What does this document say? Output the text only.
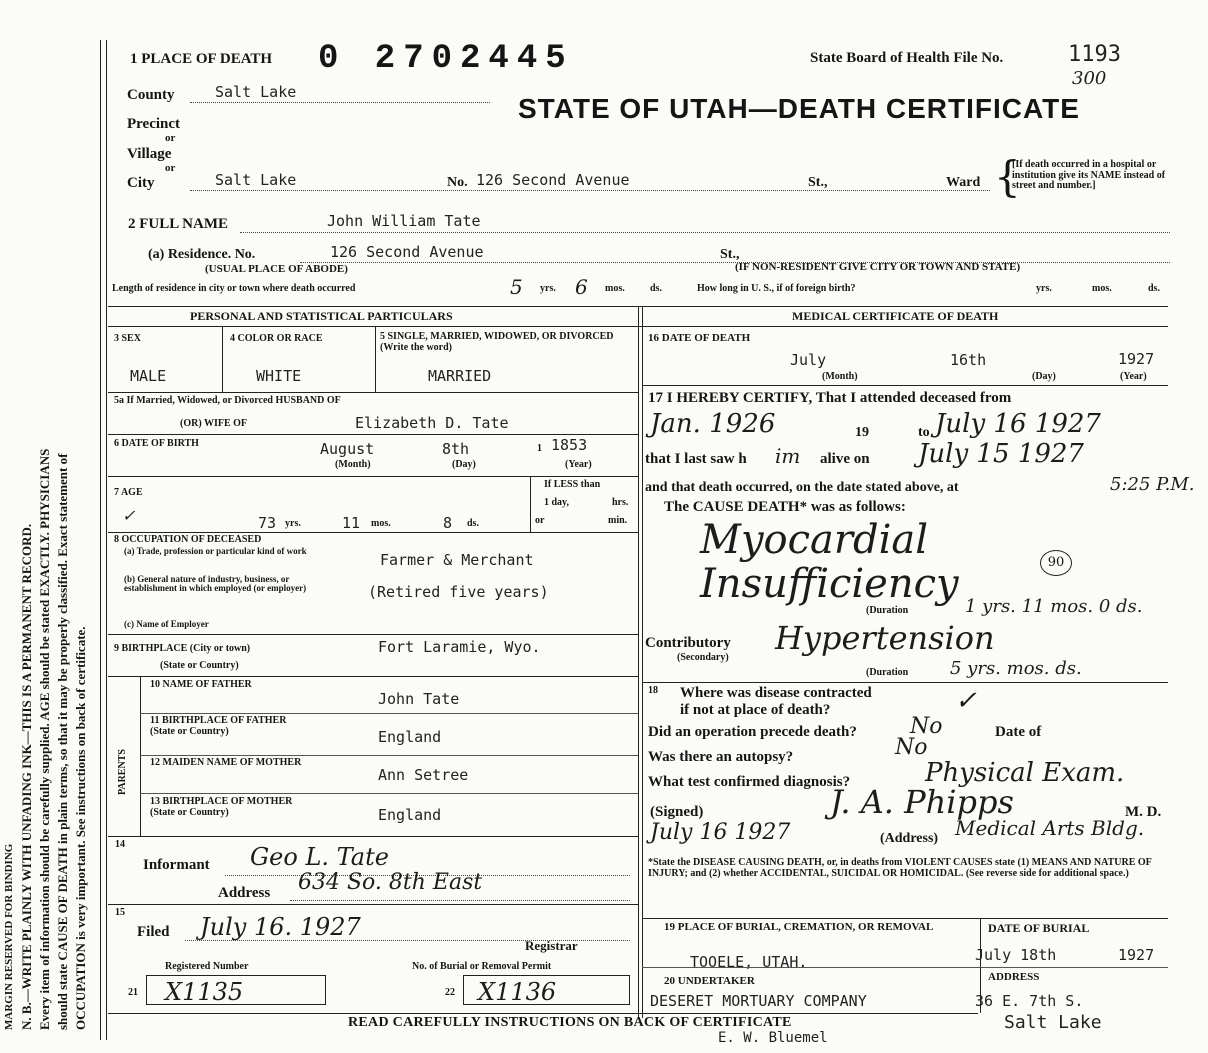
MARGIN RESERVED FOR BINDING N. B.—WRITE PLAINLY WITH UNFADING INK—THIS IS A PERMANENT RECORD. Every item of information should be carefully supplied. AGE should be stated EXACTLY. PHYSICIANS should state CAUSE OF DEATH in plain terms, so that it may be properly classified. Exact statement of OCCUPATION is very important. See instructions on back of certificate.
1 PLACE OF DEATH 0 2702445	State Board of Health File No.	1193
300
STATE OF UTAH—DEATH CERTIFICATE
County	Salt Lake
Precinct
or
Village
or
City	Salt Lake	No. 126 Second Avenue	St.,	Ward {
[If death occurred in a hospital or institution give its NAME instead of street and number.]
2 FULL NAME	John William Tate
(a) Residence. No.	126 Second Avenue	St.,
(USUAL PLACE OF ABODE)	(IF NON-RESIDENT GIVE CITY OR TOWN AND STATE)
Length of residence in city or town where death occurred	5 yrs. 6 mos.	ds.	How long in U. S., if of foreign birth?	yrs.	mos.	ds.
PERSONAL AND STATISTICAL PARTICULARS	MEDICAL CERTIFICATE OF DEATH
3 SEX
MALE
4 COLOR OR RACE
WHITE
5 SINGLE, MARRIED, WIDOWED, OR DIVORCED (Write the word)
MARRIED
5a If Married, Widowed, or Divorced HUSBAND OF
(OR) WIFE OF	Elizabeth D. Tate
6 DATE OF BIRTH	August	8th	1853
1
(Month)	(Day)	(Year)
7 AGE
✓	73 yrs.	11 mos.	8 ds.
If LESS than
1 day,	hrs.
or	min.
8 OCCUPATION OF DECEASED
(a) Trade, profession or particular kind of work	Farmer & Merchant
(b) General nature of industry, business, or establishment in which employed (or employer)	(Retired five years)
(c) Name of Employer
9 BIRTHPLACE (City or town)
(State or Country)
Fort Laramie, Wyo.
PARENTS
10 NAME OF FATHER
John Tate
11 BIRTHPLACE OF FATHER (State or Country)	England
12 MAIDEN NAME OF MOTHER
Ann Setree
13 BIRTHPLACE OF MOTHER (State or Country)	England
14
Informant Geo L. Tate
Address 634 So. 8th East
15
Filed July 16. 1927
Registrar
Registered Number	No. of Burial or Removal Permit
21 X1135	22 X1136
16 DATE OF DEATH
July	16th	1927
(Month)	(Day)	(Year)
17 I HEREBY CERTIFY, That I attended deceased from
Jan. 1926	19	to July 16 1927
that I last saw h im alive on July 15 1927
and that death occurred, on the date stated above, at	5:25 P.M.
The CAUSE DEATH* was as follows:
Myocardial Insufficiency	90
(Duration	1 yrs. 11 mos. 0 ds.
Contributory
(Secondary)
Hypertension
(Duration 5 yrs. mos. ds.
18 Where was disease contracted
if not at place of death?	✓
Did an operation precede death? No	Date of
Was there an autopsy?	No
What test confirmed diagnosis?	Physical Exam.
(Signed)	J. A. Phipps	M. D.
July 16 1927	(Address) Medical Arts Bldg.
*State the DISEASE CAUSING DEATH, or, in deaths from VIOLENT CAUSES state (1) MEANS AND NATURE OF INJURY; and (2) whether ACCIDENTAL, SUICIDAL OR HOMICIDAL. (See reverse side for additional space.)
19 PLACE OF BURIAL, CREMATION, OR REMOVAL
TOOELE, UTAH.
DATE OF BURIAL
July 18th	1927
20 UNDERTAKER	ADDRESS
DESERET MORTUARY COMPANY	36 E. 7th S.
Salt Lake
READ CAREFULLY INSTRUCTIONS ON BACK OF CERTIFICATE
E. W. Bluemel
